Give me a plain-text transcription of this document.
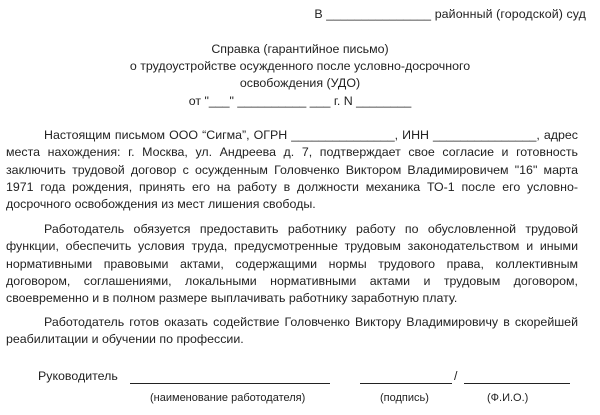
В _______________ районный (городской) суд
Справка (гарантийное письмо)
о трудоустройстве осужденного после условно-досрочного
освобождения (УДО)
от "___" __________ ___ г. N ________
Настоящим письмом ООО “Сигма”, ОГРН _______________, ИНН _______________, адрес
места нахождения: г. Москва, ул. Андреева д. 7, подтверждает свое согласие и готовность
заключить трудовой договор с осужденным Головченко Виктором Владимировичем "16" марта
1971 года рождения, принять его на работу в должности механика ТО-1 после его условно-
досрочного освобождения из мест лишения свободы.
Работодатель обязуется предоставить работнику работу по обусловленной трудовой
функции, обеспечить условия труда, предусмотренные трудовым законодательством и иными
нормативными правовыми актами, содержащими нормы трудового права, коллективным
договором, соглашениями, локальными нормативными актами и трудовым договором,
своевременно и в полном размере выплачивать работнику заработную плату.
Работодатель готов оказать содействие Головченко Виктору Владимировичу в скорейшей
реабилитации и обучении по профессии.
Руководитель	/
(наименование работодателя)	(подпись)	(Ф.И.О.)
